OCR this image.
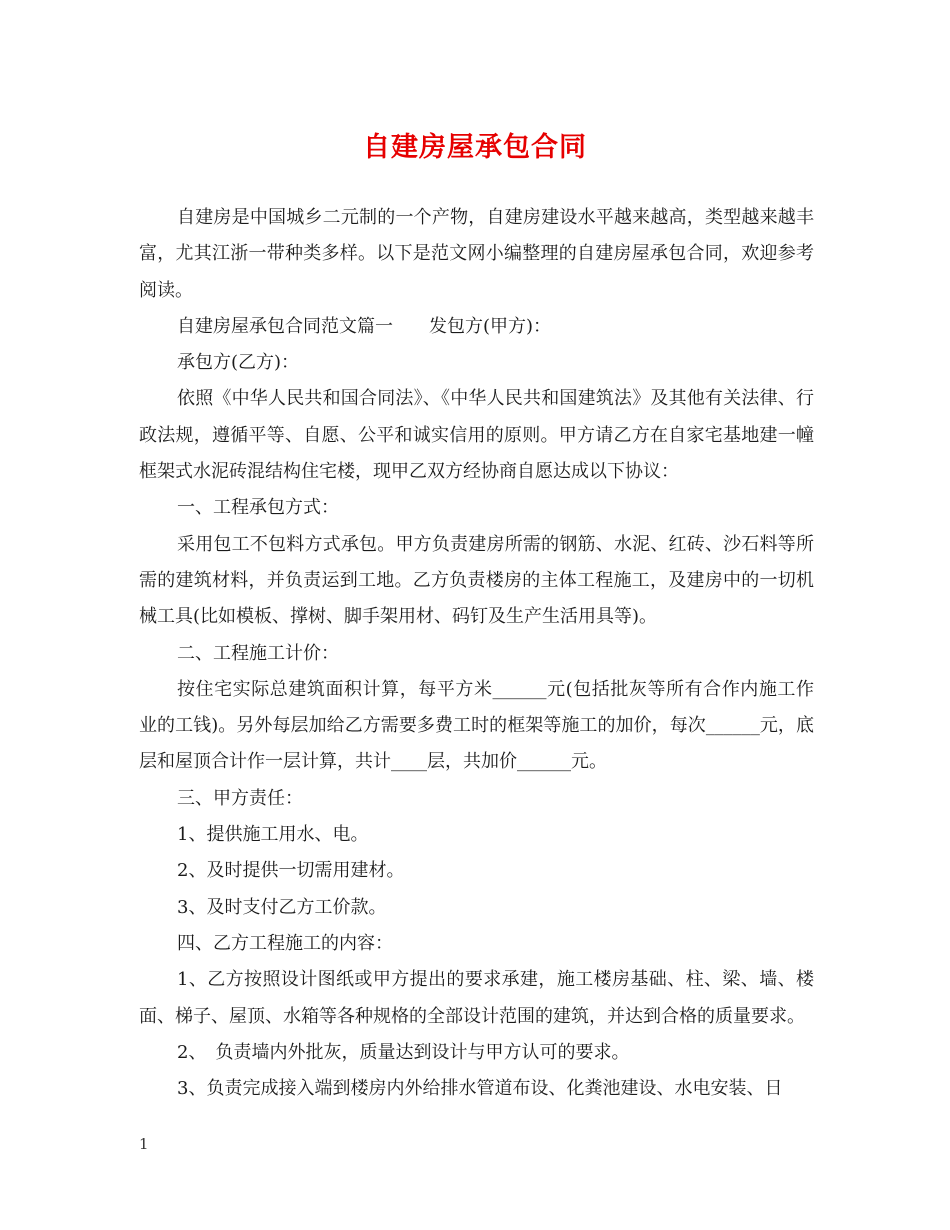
自建房屋承包合同

自建房是中国城乡二元制的一个产物，自建房建设水平越来越高，类型越来越丰富，尤其江浙一带种类多样。以下是范文网小编整理的自建房屋承包合同，欢迎参考阅读。

自建房屋承包合同范文篇一　　发包方(甲方)：

承包方(乙方)：

依照《中华人民共和国合同法》、《中华人民共和国建筑法》及其他有关法律、行政法规，遵循平等、自愿、公平和诚实信用的原则。甲方请乙方在自家宅基地建一幢框架式水泥砖混结构住宅楼，现甲乙双方经协商自愿达成以下协议：

一、工程承包方式：

采用包工不包料方式承包。甲方负责建房所需的钢筋、水泥、红砖、沙石料等所需的建筑材料，并负责运到工地。乙方负责楼房的主体工程施工，及建房中的一切机械工具(比如模板、撑树、脚手架用材、码钉及生产生活用具等)。

二、工程施工计价：

按住宅实际总建筑面积计算，每平方米______元(包括批灰等所有合作内施工作业的工钱)。另外每层加给乙方需要多费工时的框架等施工的加价，每次______元，底层和屋顶合计作一层计算，共计____层，共加价______元。

三、甲方责任：

1、提供施工用水、电。

2、及时提供一切需用建材。

3、及时支付乙方工价款。

四、乙方工程施工的内容：

1、乙方按照设计图纸或甲方提出的要求承建，施工楼房基础、柱、梁、墙、楼面、梯子、屋顶、水箱等各种规格的全部设计范围的建筑，并达到合格的质量要求。

2、　负责墙内外批灰，质量达到设计与甲方认可的要求。

3、负责完成接入端到楼房内外给排水管道布设、化粪池建设、水电安装、日

1
